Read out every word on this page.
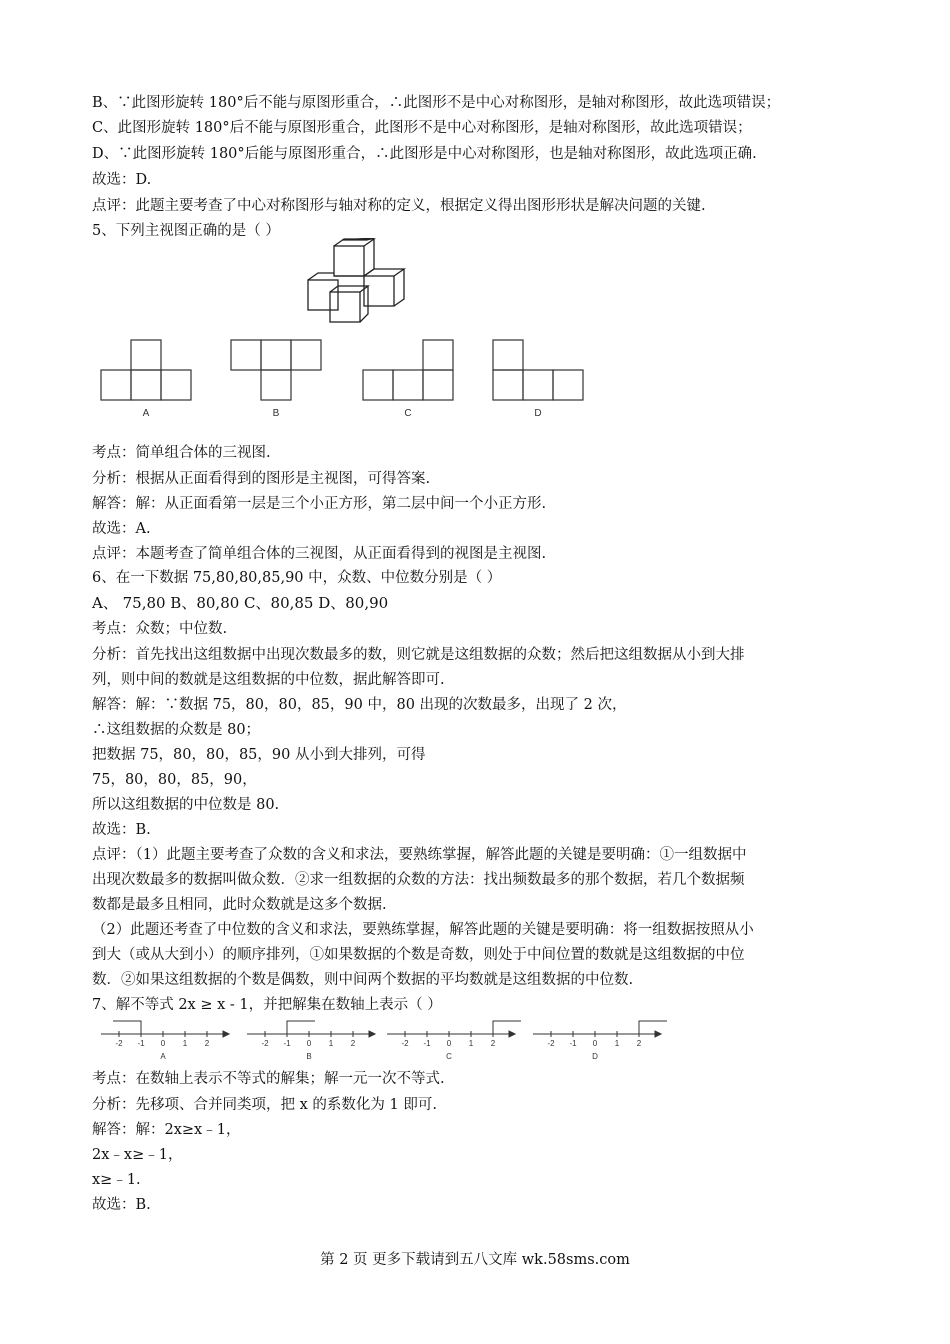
B、∵此图形旋转 180°后不能与原图形重合，∴此图形不是中心对称图形，是轴对称图形，故此选项错误；
C、此图形旋转 180°后不能与原图形重合，此图形不是中心对称图形，是轴对称图形，故此选项错误；
D、∵此图形旋转 180°后能与原图形重合，∴此图形是中心对称图形，也是轴对称图形，故此选项正确.
故选：D.
点评：此题主要考查了中心对称图形与轴对称的定义，根据定义得出图形形状是解决问题的关键.
5、下列主视图正确的是（ ）
A	B	C	D
考点：简单组合体的三视图.
分析：根据从正面看得到的图形是主视图，可得答案.
解答：解：从正面看第一层是三个小正方形，第二层中间一个小正方形.
故选：A.
点评：本题考查了简单组合体的三视图，从正面看得到的视图是主视图.
6、在一下数据 75,80,80,85,90 中，众数、中位数分别是（ ）
A、 75,80 B、80,80 C、80,85 D、80,90
考点：众数；中位数.
分析：首先找出这组数据中出现次数最多的数，则它就是这组数据的众数；然后把这组数据从小到大排
列，则中间的数就是这组数据的中位数，据此解答即可.
解答：解：∵数据 75，80，80，85，90 中，80 出现的次数最多，出现了 2 次，
∴这组数据的众数是 80；
把数据 75，80，80，85，90 从小到大排列，可得
75，80，80，85，90，
所以这组数据的中位数是 80.
故选：B.
点评：（1）此题主要考查了众数的含义和求法，要熟练掌握，解答此题的关键是要明确：①一组数据中
出现次数最多的数据叫做众数．②求一组数据的众数的方法：找出频数最多的那个数据，若几个数据频
数都是最多且相同，此时众数就是这多个数据.
（2）此题还考查了中位数的含义和求法，要熟练掌握，解答此题的关键是要明确：将一组数据按照从小
到大（或从大到小）的顺序排列，①如果数据的个数是奇数，则处于中间位置的数就是这组数据的中位
数．②如果这组数据的个数是偶数，则中间两个数据的平均数就是这组数据的中位数.
7、解不等式 2x ≥ x - 1，并把解集在数轴上表示（ ）
-2 -1 0 1 2
A
-2 -1 0 1 2
B
-2 -1 0 1 2
C
-2 -1 0 1 2
D
考点：在数轴上表示不等式的解集；解一元一次不等式.
分析：先移项、合并同类项，把 x 的系数化为 1 即可.
解答：解：2x≥x﹣1，
2x﹣x≥﹣1，
x≥﹣1.
故选：B.
第 2 页 更多下载请到五八文库 wk.58sms.com
